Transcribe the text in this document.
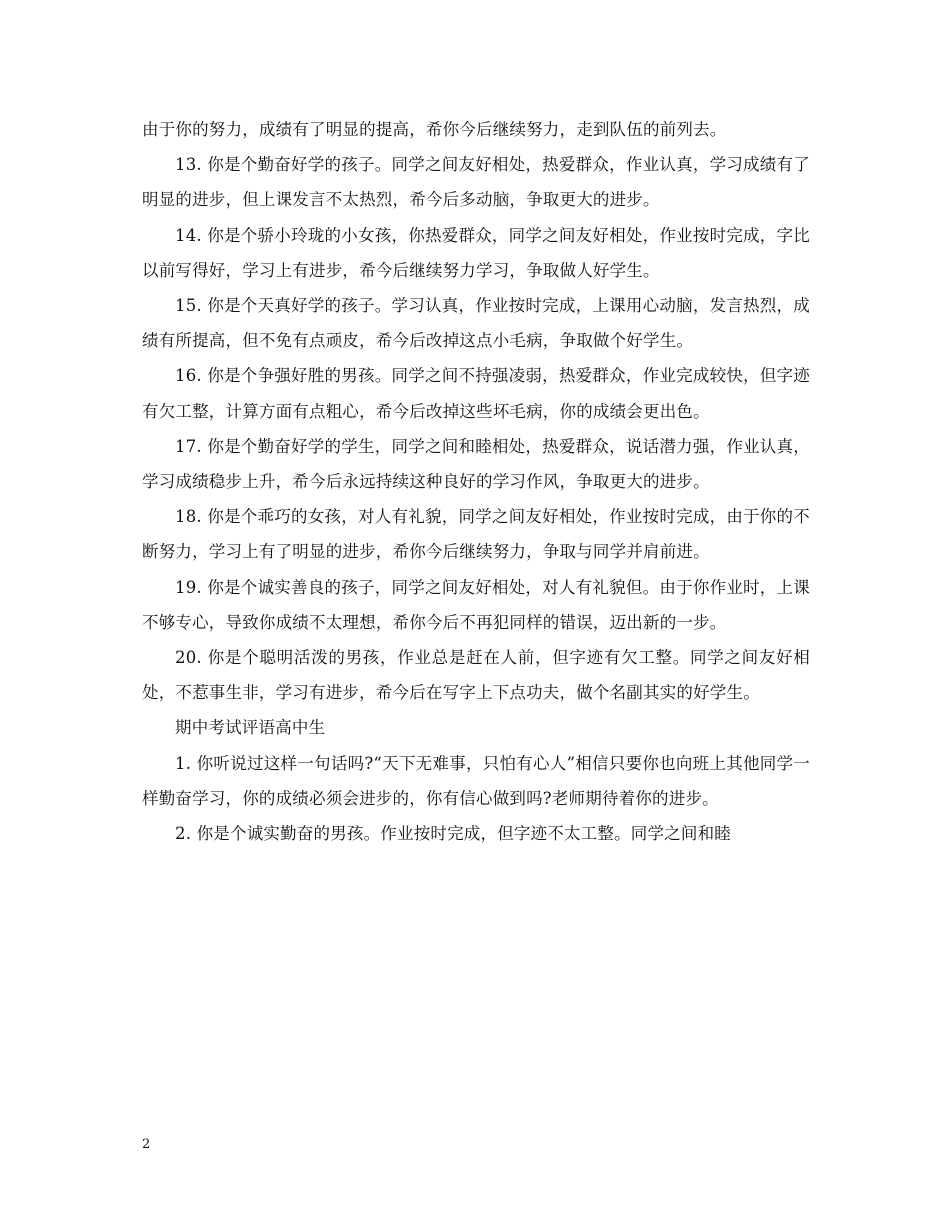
由于你的努力，成绩有了明显的提高，希你今后继续努力，走到队伍的前列去。

13. 你是个勤奋好学的孩子。同学之间友好相处，热爱群众，作业认真，学习成绩有了明显的进步，但上课发言不太热烈，希今后多动脑，争取更大的进步。

14. 你是个骄小玲珑的小女孩，你热爱群众，同学之间友好相处，作业按时完成，字比以前写得好，学习上有进步，希今后继续努力学习，争取做人好学生。

15. 你是个天真好学的孩子。学习认真，作业按时完成，上课用心动脑，发言热烈，成绩有所提高，但不免有点顽皮，希今后改掉这点小毛病，争取做个好学生。

16. 你是个争强好胜的男孩。同学之间不持强凌弱，热爱群众，作业完成较快，但字迹有欠工整，计算方面有点粗心，希今后改掉这些坏毛病，你的成绩会更出色。

17. 你是个勤奋好学的学生，同学之间和睦相处，热爱群众，说话潜力强，作业认真，学习成绩稳步上升，希今后永远持续这种良好的学习作风，争取更大的进步。

18. 你是个乖巧的女孩，对人有礼貌，同学之间友好相处，作业按时完成，由于你的不断努力，学习上有了明显的进步，希你今后继续努力，争取与同学并肩前进。

19. 你是个诚实善良的孩子，同学之间友好相处，对人有礼貌但。由于你作业时，上课不够专心，导致你成绩不太理想，希你今后不再犯同样的错误，迈出新的一步。

20. 你是个聪明活泼的男孩，作业总是赶在人前，但字迹有欠工整。同学之间友好相处，不惹事生非，学习有进步，希今后在写字上下点功夫，做个名副其实的好学生。

期中考试评语高中生

1. 你听说过这样一句话吗?“天下无难事，只怕有心人”相信只要你也向班上其他同学一样勤奋学习，你的成绩必须会进步的，你有信心做到吗?老师期待着你的进步。

2. 你是个诚实勤奋的男孩。作业按时完成，但字迹不太工整。同学之间和睦

2
